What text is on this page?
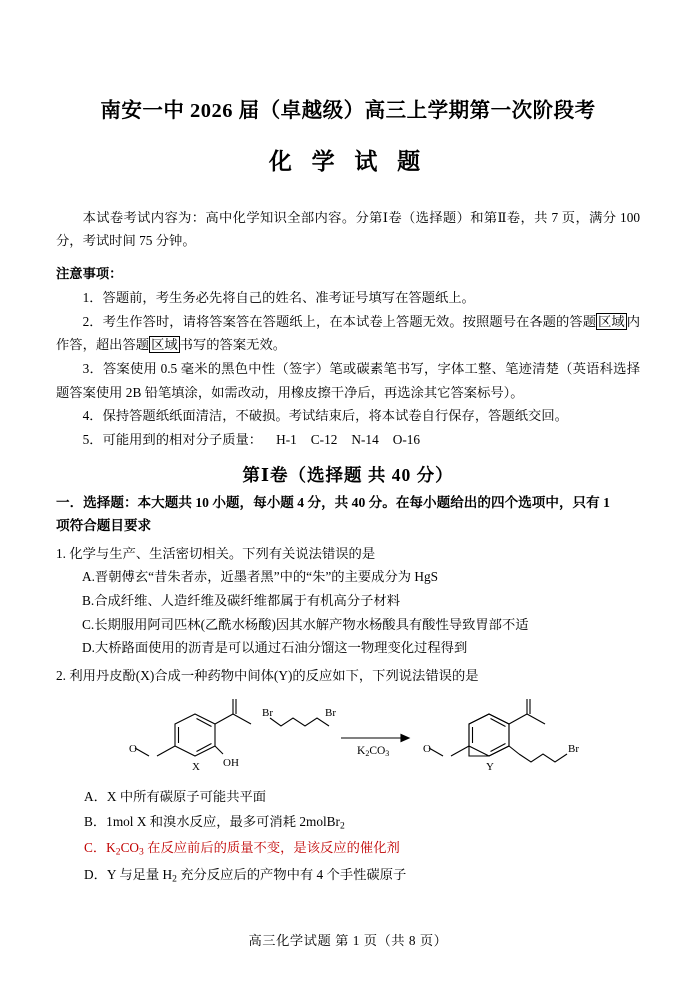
南安一中 2026 届（卓越级）高三上学期第一次阶段考
化 学 试 题
本试卷考试内容为：高中化学知识全部内容。分第Ⅰ卷（选择题）和第Ⅱ卷，共 7 页，满分 100 分，考试时间 75 分钟。
注意事项：
1．答题前，考生务必先将自己的姓名、准考证号填写在答题纸上。
2．考生作答时，请将答案答在答题纸上，在本试卷上答题无效。按照题号在各题的答题 区域 内作答，超出答题 区域 书写的答案无效。
3．答案使用 0.5 毫米的黑色中性（签字）笔或碳素笔书写，字体工整、笔迹清楚（英语科选择题答案使用 2B 铅笔填涂，如需改动，用橡皮擦干净后，再选涂其它答案标号）。
4．保持答题纸纸面清洁，不破损。考试结束后，将本试卷自行保存，答题纸交回。
5．可能用到的相对分子质量： H-1 C-12 N-14 O-16
第Ⅰ卷（选择题 共 40 分）
一．选择题：本大题共 10 小题，每小题 4 分，共 40 分。在每小题给出的四个选项中，只有 1
项符合题目要求
1. 化学与生产、生活密切相关。下列有关说法错误的是
A.晋朝傅玄“昔朱者赤，近墨者黑”中的“朱”的主要成分为 HgS
B.合成纤维、人造纤维及碳纤维都属于有机高分子材料
C.长期服用阿司匹林(乙酰水杨酸)因其水解产物水杨酸具有酸性导致胃部不适
D.大桥路面使用的沥青是可以通过石油分馏这一物理变化过程得到
2. 利用丹皮酚(X)合成一种药物中间体(Y)的反应如下，下列说法错误的是
OH
O
X
O
Y
Br
Br
Br
K2CO3
A．X 中所有碳原子可能共平面
B．1mol X 和溴水反应，最多可消耗 2molBr$_2$
C．$K_2CO_3$ 在反应前后的质量不变，是该反应的催化剂
D．Y 与足量 $H_2$ 充分反应后的产物中有 4 个手性碳原子
高三化学试题 第 1 页（共 8 页）
